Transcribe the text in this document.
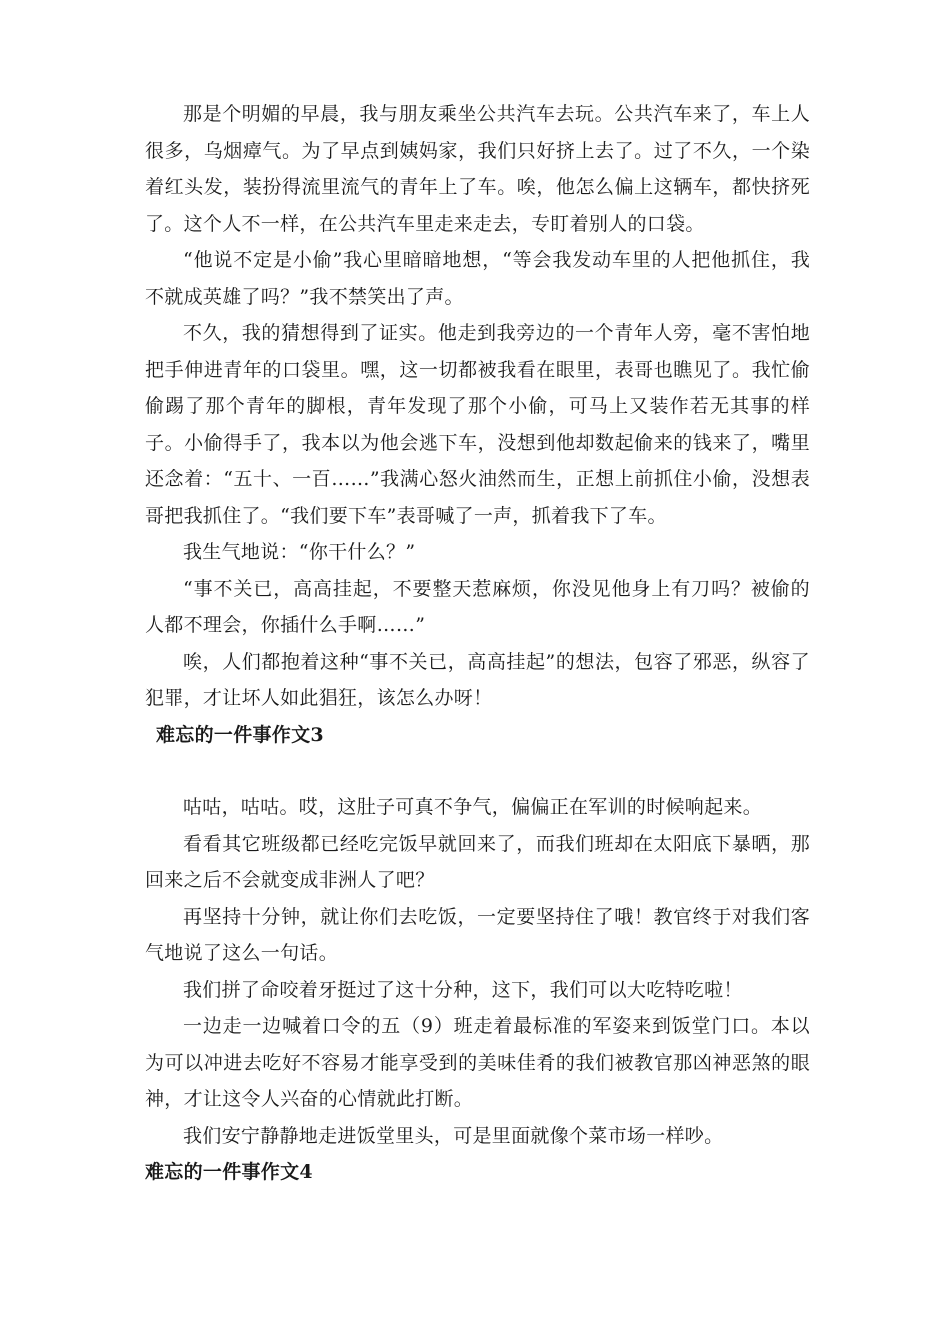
那是个明媚的早晨，我与朋友乘坐公共汽车去玩。公共汽车来了，车上人很多，乌烟瘴气。为了早点到姨妈家，我们只好挤上去了。过了不久，一个染着红头发，装扮得流里流气的青年上了车。唉，他怎么偏上这辆车，都快挤死了。这个人不一样，在公共汽车里走来走去，专盯着别人的口袋。

“他说不定是小偷”我心里暗暗地想，“等会我发动车里的人把他抓住，我不就成英雄了吗？”我不禁笑出了声。

不久，我的猜想得到了证实。他走到我旁边的一个青年人旁，毫不害怕地把手伸进青年的口袋里。嘿，这一切都被我看在眼里，表哥也瞧见了。我忙偷偷踢了那个青年的脚根，青年发现了那个小偷，可马上又装作若无其事的样子。小偷得手了，我本以为他会逃下车，没想到他却数起偷来的钱来了，嘴里还念着：“五十、一百……”我满心怒火油然而生，正想上前抓住小偷，没想表哥把我抓住了。“我们要下车”表哥喊了一声，抓着我下了车。

我生气地说：“你干什么？”

“事不关已，高高挂起，不要整天惹麻烦，你没见他身上有刀吗？被偷的人都不理会，你插什么手啊……”

唉，人们都抱着这种“事不关已，高高挂起”的想法，包容了邪恶，纵容了犯罪，才让坏人如此猖狂，该怎么办呀！

难忘的一件事作文3

咕咕，咕咕。哎，这肚子可真不争气，偏偏正在军训的时候响起来。

看看其它班级都已经吃完饭早就回来了，而我们班却在太阳底下暴晒，那回来之后不会就变成非洲人了吧？

再坚持十分钟，就让你们去吃饭，一定要坚持住了哦！教官终于对我们客气地说了这么一句话。

我们拼了命咬着牙挺过了这十分种，这下，我们可以大吃特吃啦！

一边走一边喊着口令的五（9）班走着最标准的军姿来到饭堂门口。本以为可以冲进去吃好不容易才能享受到的美味佳肴的我们被教官那凶神恶煞的眼神，才让这令人兴奋的心情就此打断。

我们安宁静静地走进饭堂里头，可是里面就像个菜市场一样吵。

难忘的一件事作文4
